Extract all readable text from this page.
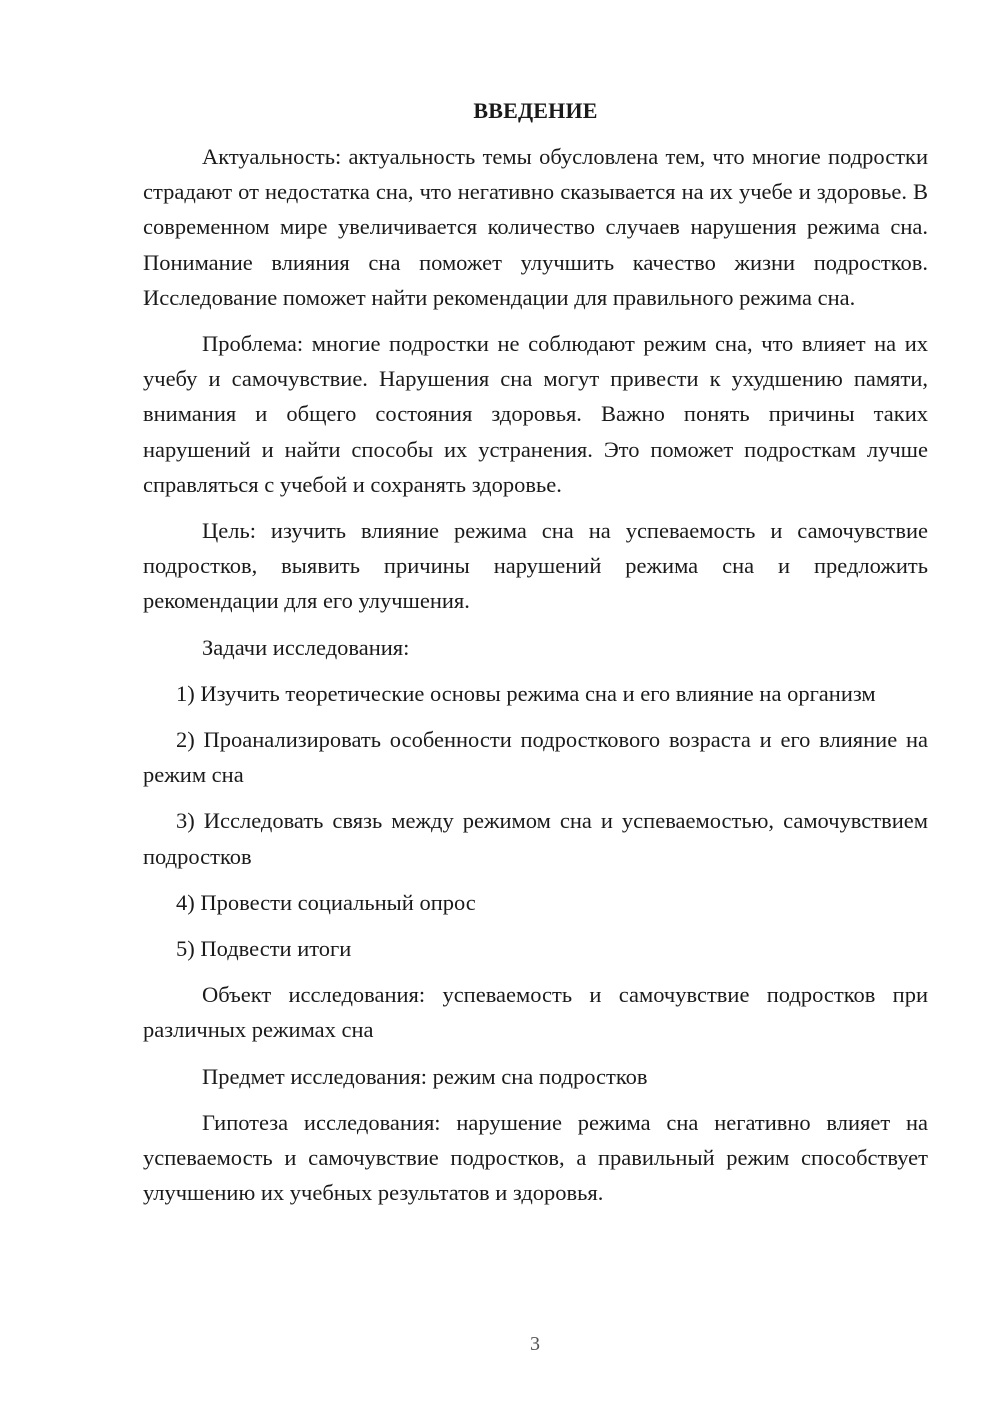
ВВЕДЕНИЕ

Актуальность: актуальность темы обусловлена тем, что многие подростки страдают от недостатка сна, что негативно сказывается на их учебе и здоровье. В современном мире увеличивается количество случаев нарушения режима сна. Понимание влияния сна поможет улучшить качество жизни подростков. Исследование поможет найти рекомендации для правильного режима сна.

Проблема: многие подростки не соблюдают режим сна, что влияет на их учебу и самочувствие. Нарушения сна могут привести к ухудшению памяти, внимания и общего состояния здоровья. Важно понять причины таких нарушений и найти способы их устранения. Это поможет подросткам лучше справляться с учебой и сохранять здоровье.

Цель: изучить влияние режима сна на успеваемость и самочувствие подростков, выявить причины нарушений режима сна и предложить рекомендации для его улучшения.

Задачи исследования:

1) Изучить теоретические основы режима сна и его влияние на организм

2) Проанализировать особенности подросткового возраста и его влияние на режим сна

3) Исследовать связь между режимом сна и успеваемостью, самочувствием подростков

4) Провести социальный опрос

5) Подвести итоги

Объект исследования: успеваемость и самочувствие подростков при различных режимах сна

Предмет исследования: режим сна подростков

Гипотеза исследования: нарушение режима сна негативно влияет на успеваемость и самочувствие подростков, а правильный режим способствует улучшению их учебных результатов и здоровья.

3
